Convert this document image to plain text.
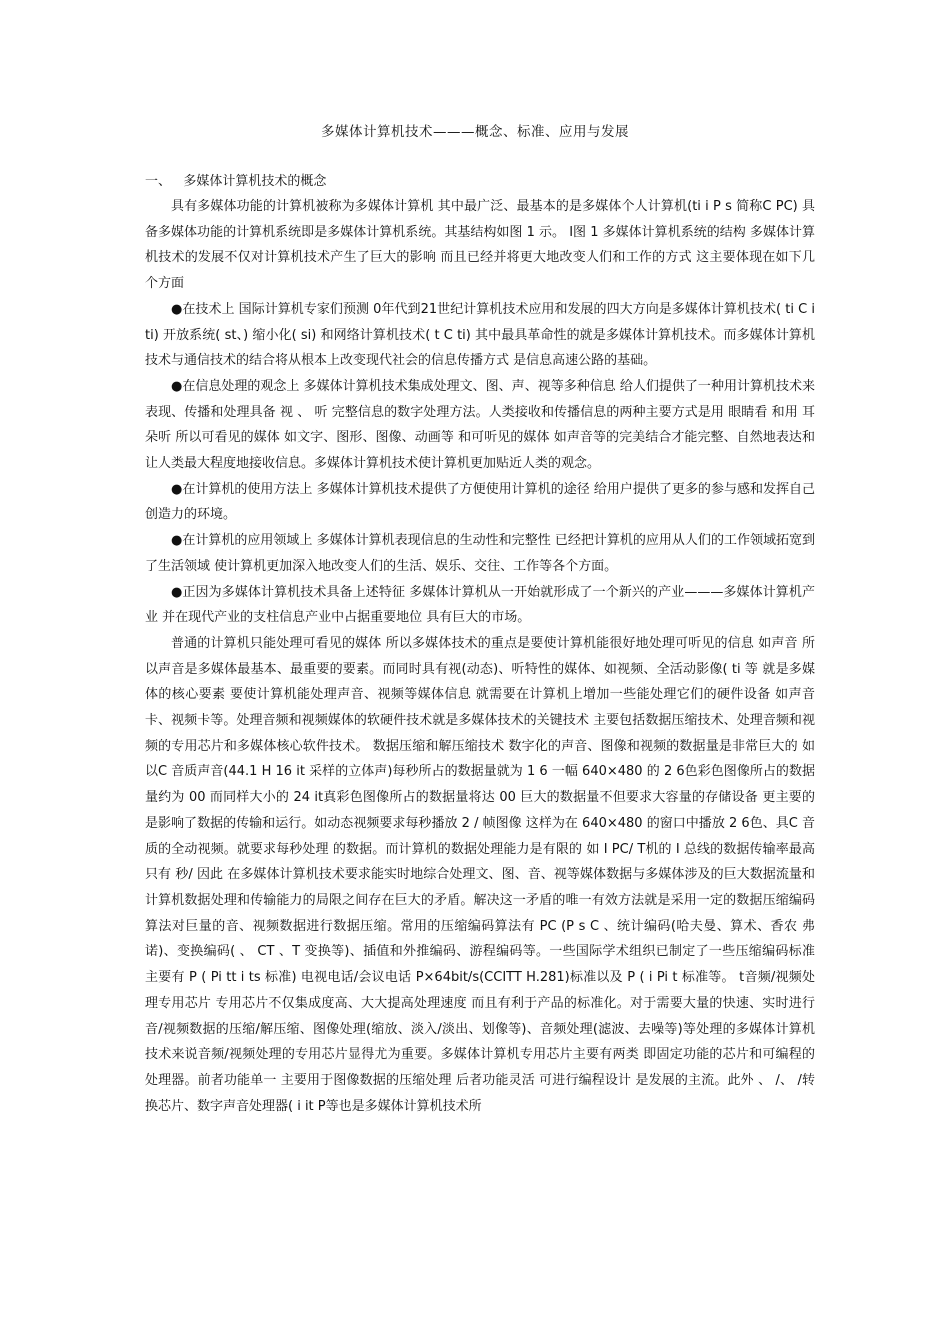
多媒体计算机技术———概念、标准、应用与发展
一、   多媒体计算机技术的概念

具有多媒体功能的计算机被称为多媒体计算机 其中最广泛、最基本的是多媒体个人计算机(ti i P s 简称C PC) 具备多媒体功能的计算机系统即是多媒体计算机系统。其基结构如图 1 示。 I图 1 多媒体计算机系统的结构 多媒体计算机技术的发展不仅对计算机技术产生了巨大的影响 而且已经并将更大地改变人们和工作的方式 这主要体现在如下几个方面

●在技术上 国际计算机专家们预测 0年代到21世纪计算机技术应用和发展的四大方向是多媒体计算机技术( ti C i ti) 开放系统( st、) 缩小化( si) 和网络计算机技术( t C ti) 其中最具革命性的就是多媒体计算机技术。而多媒体计算机技术与通信技术的结合将从根本上改变现代社会的信息传播方式 是信息高速公路的基础。

●在信息处理的观念上 多媒体计算机技术集成处理文、图、声、视等多种信息 给人们提供了一种用计算机技术来表现、传播和处理具备 视 、 听 完整信息的数字处理方法。人类接收和传播信息的两种主要方式是用 眼睛看 和用 耳朵听 所以可看见的媒体 如文字、图形、图像、动画等 和可听见的媒体 如声音等的完美结合才能完整、自然地表达和让人类最大程度地接收信息。多媒体计算机技术使计算机更加贴近人类的观念。

●在计算机的使用方法上 多媒体计算机技术提供了方便使用计算机的途径 给用户提供了更多的参与感和发挥自己创造力的环境。

●在计算机的应用领域上 多媒体计算机表现信息的生动性和完整性 已经把计算机的应用从人们的工作领域拓宽到了生活领域 使计算机更加深入地改变人们的生活、娱乐、交往、工作等各个方面。

●正因为多媒体计算机技术具备上述特征 多媒体计算机从一开始就形成了一个新兴的产业———多媒体计算机产业 并在现代产业的支柱信息产业中占据重要地位 具有巨大的市场。

普通的计算机只能处理可看见的媒体 所以多媒体技术的重点是要使计算机能很好地处理可听见的信息 如声音 所以声音是多媒体最基本、最重要的要素。而同时具有视(动态)、听特性的媒体、如视频、全活动影像( ti 等 就是多媒体的核心要素 要使计算机能处理声音、视频等媒体信息 就需要在计算机上增加一些能处理它们的硬件设备 如声音卡、视频卡等。处理音频和视频媒体的软硬件技术就是多媒体技术的关键技术 主要包括数据压缩技术、处理音频和视频的专用芯片和多媒体核心软件技术。 数据压缩和解压缩技术 数字化的声音、图像和视频的数据量是非常巨大的 如以C 音质声音(44.1 H 16 it 采样的立体声)每秒所占的数据量就为 1 6 一幅 640×480 的 2 6色彩色图像所占的数据量约为 00 而同样大小的 24 it真彩色图像所占的数据量将达 00 巨大的数据量不但要求大容量的存储设备 更主要的是影响了数据的传输和运行。如动态视频要求每秒播放 2 / 帧图像 这样为在 640×480 的窗口中播放 2 6色、具C 音质的全动视频。就要求每秒处理 的数据。而计算机的数据处理能力是有限的 如 I PC/ T机的 I 总线的数据传输率最高只有 秒/ 因此 在多媒体计算机技术要求能实时地综合处理文、图、音、视等媒体数据与多媒体涉及的巨大数据流量和计算机数据处理和传输能力的局限之间存在巨大的矛盾。解决这一矛盾的唯一有效方法就是采用一定的数据压缩编码算法对巨量的音、视频数据进行数据压缩。常用的压缩编码算法有 PC (P s C 、统计编码(哈夫曼、算术、香农 弗诺)、变换编码( 、 CT 、T 变换等)、插值和外推编码、游程编码等。一些国际学术组织已制定了一些压缩编码标准 主要有 P ( Pi tt i ts 标准) 电视电话/会议电话 P×64bit/s(CCITT H.281)标准以及 P ( i Pi t 标准等。 t音频/视频处理专用芯片 专用芯片不仅集成度高、大大提高处理速度 而且有利于产品的标准化。对于需要大量的快速、实时进行音/视频数据的压缩/解压缩、图像处理(缩放、淡入/淡出、划像等)、音频处理(滤波、去噪等)等处理的多媒体计算机技术来说音频/视频处理的专用芯片显得尤为重要。多媒体计算机专用芯片主要有两类 即固定功能的芯片和可编程的处理器。前者功能单一 主要用于图像数据的压缩处理 后者功能灵活 可进行编程设计 是发展的主流。此外 、 /、 /转换芯片、数字声音处理器( i it P等也是多媒体计算机技术所
